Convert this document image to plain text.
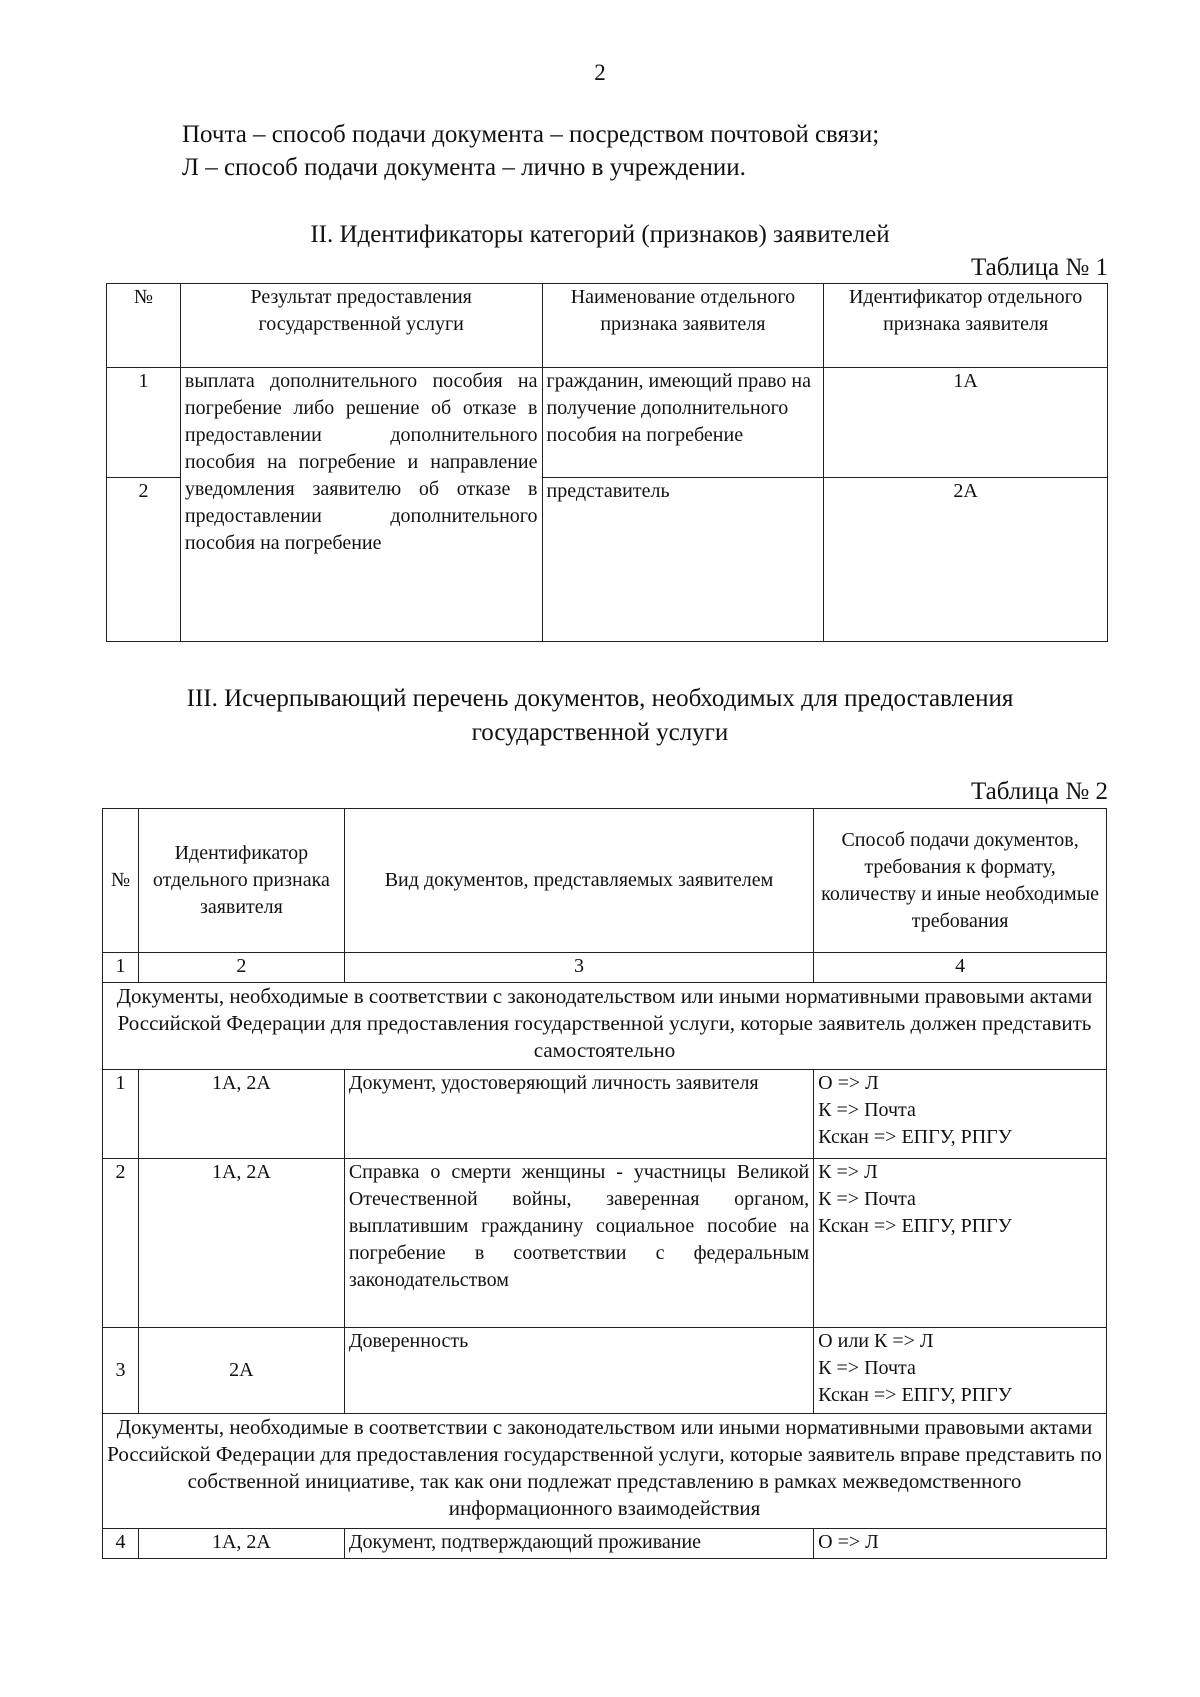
2
Почта – способ подачи документа – посредством почтовой связи;
Л – способ подачи документа – лично в учреждении.
II. Идентификаторы категорий (признаков) заявителей
Таблица № 1
№	Результат предоставления государственной услуги	Наименование отдельного признака заявителя	Идентификатор отдельного признака заявителя
1	выплата дополнительного пособия на погребение либо решение об отказе в предоставлении дополнительного пособия на погребение и направление уведомления заявителю об отказе в предоставлении дополнительного пособия на погребение	гражданин, имеющий право на получение дополнительного пособия на погребение	1А
2		представитель	2А
III. Исчерпывающий перечень документов, необходимых для предоставления
государственной услуги
Таблица № 2
№	Идентификатор отдельного признака заявителя	Вид документов, представляемых заявителем	Способ подачи документов, требования к формату, количеству и иные необходимые требования
1	2	3	4
Документы, необходимые в соответствии с законодательством или иными нормативными правовыми актами Российской Федерации для предоставления государственной услуги, которые заявитель должен представить самостоятельно			
1	1А, 2А	Документ, удостоверяющий личность заявителя	О => Л
К => Почта
Кскан => ЕПГУ, РПГУ

2	1А, 2А	Справка о смерти женщины - участницы Великой Отечественной войны, заверенная органом, выплатившим гражданину социальное пособие на погребение в соответствии с федеральным законодательством	К => Л
К => Почта
Кскан => ЕПГУ, РПГУ

3	2А	Доверенность	О или К => Л
К => Почта
Кскан => ЕПГУ, РПГУ

Документы, необходимые в соответствии с законодательством или иными нормативными правовыми актами Российской Федерации для предоставления государственной услуги, которые заявитель вправе представить по собственной инициативе, так как они подлежат представлению в рамках межведомственного информационного взаимодействия			
4	1А, 2А	Документ, подтверждающий проживание	О => Л
